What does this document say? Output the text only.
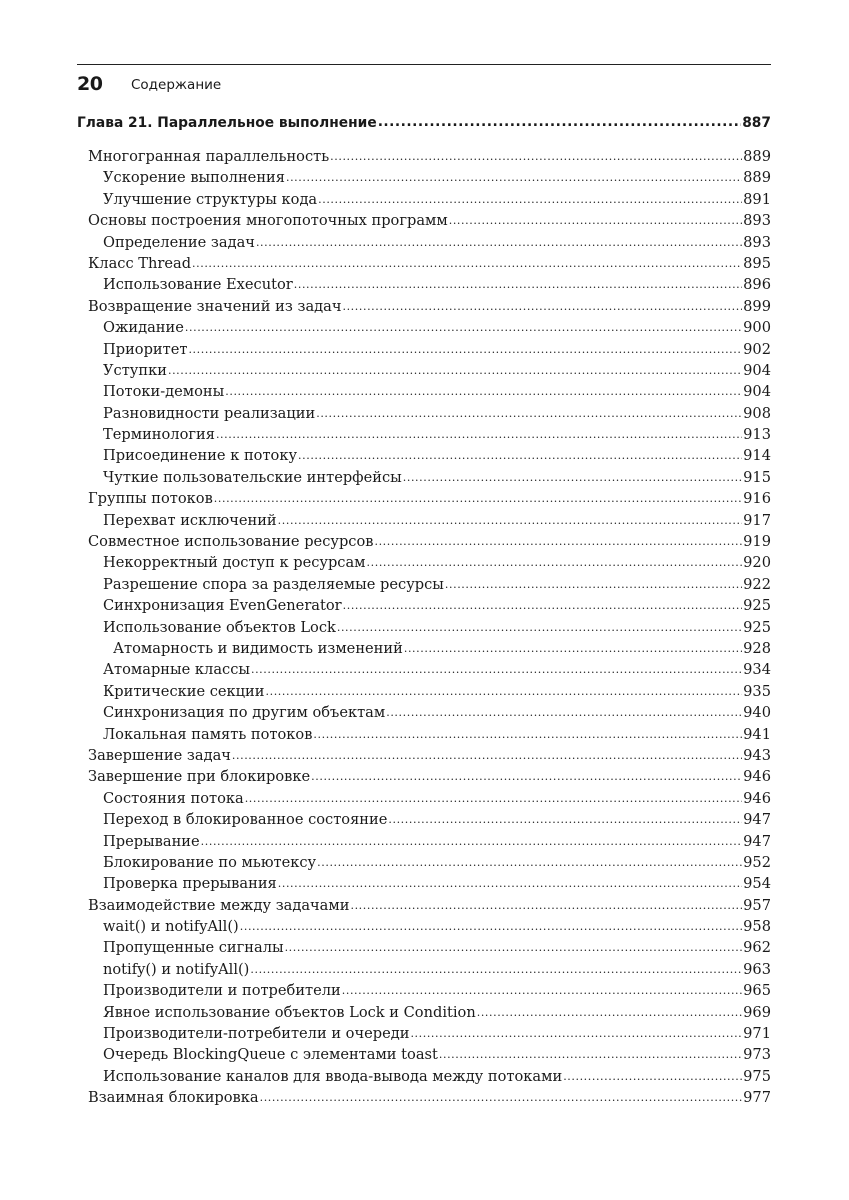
20 Содержание
Глава 21. Параллельное выполнение .....	887
Многогранная параллельность .....	889
Ускорение выполнения .....	889
Улучшение структуры кода .....	891
Основы построения многопоточных программ .....	893
Определение задач .....	893
Класс Thread .....	895
Использование Executor .....	896
Возвращение значений из задач .....	899
Ожидание .....	900
Приоритет .....	902
Уступки .....	904
Потоки-демоны .....	904
Разновидности реализации .....	908
Терминология .....	913
Присоединение к потоку .....	914
Чуткие пользовательские интерфейсы .....	915
Группы потоков .....	916
Перехват исключений .....	917
Совместное использование ресурсов .....	919
Некорректный доступ к ресурсам .....	920
Разрешение спора за разделяемые ресурсы .....	922
Синхронизация EvenGenerator .....	925
Использование объектов Lock .....	925
Атомарность и видимость изменений .....	928
Атомарные классы .....	934
Критические секции .....	935
Синхронизация по другим объектам .....	940
Локальная память потоков .....	941
Завершение задач .....	943
Завершение при блокировке .....	946
Состояния потока .....	946
Переход в блокированное состояние .....	947
Прерывание .....	947
Блокирование по мьютексу .....	952
Проверка прерывания .....	954
Взаимодействие между задачами .....	957
wait() и notifyAll() .....	958
Пропущенные сигналы .....	962
notify() и notifyAll() .....	963
Производители и потребители .....	965
Явное использование объектов Lock и Condition .....	969
Производители-потребители и очереди .....	971
Очередь BlockingQueue с элементами toast .....	973
Использование каналов для ввода-вывода между потоками .....	975
Взаимная блокировка .....	977
